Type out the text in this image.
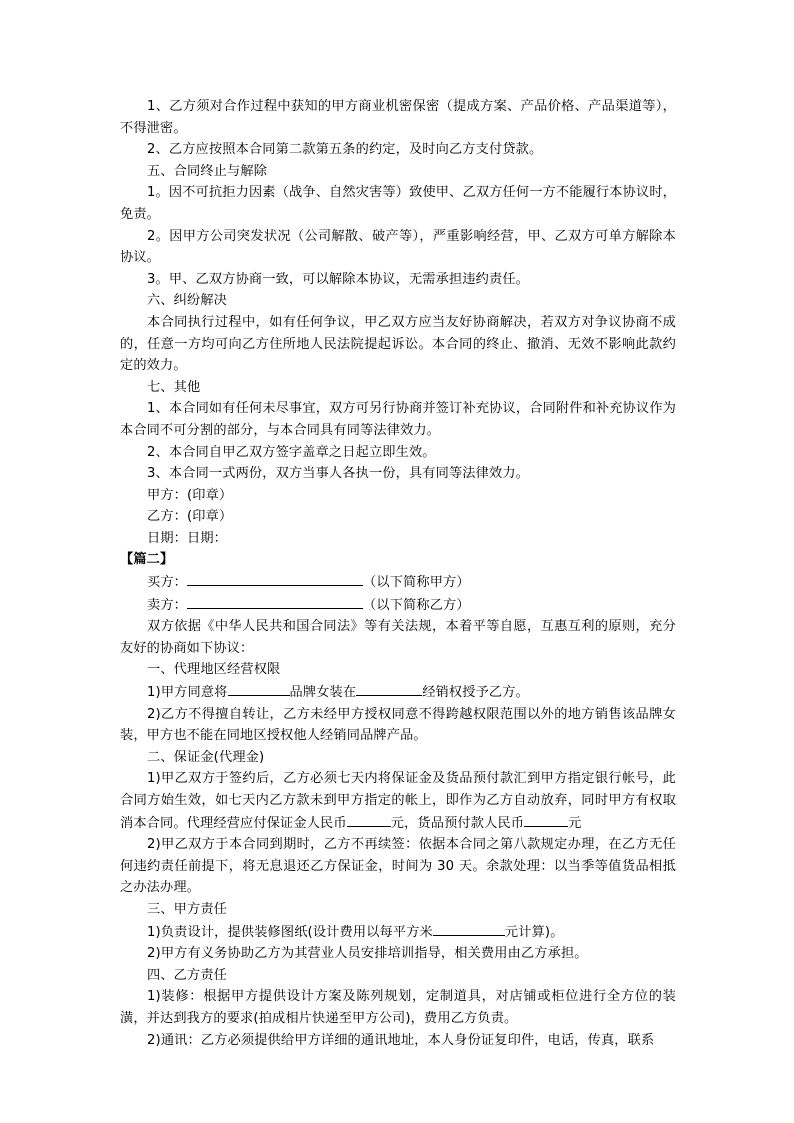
1、乙方须对合作过程中获知的甲方商业机密保密（提成方案、产品价格、产品渠道等），不得泄密。

2、乙方应按照本合同第二款第五条的约定，及时向乙方支付贷款。

五、合同终止与解除

1。因不可抗拒力因素（战争、自然灾害等）致使甲、乙双方任何一方不能履行本协议时，免责。

2。因甲方公司突发状况（公司解散、破产等），严重影响经营，甲、乙双方可单方解除本协议。

3。甲、乙双方协商一致，可以解除本协议，无需承担违约责任。

六、纠纷解决

本合同执行过程中，如有任何争议，甲乙双方应当友好协商解决，若双方对争议协商不成的，任意一方均可向乙方住所地人民法院提起诉讼。本合同的终止、撤消、无效不影响此款约定的效力。

七、其他

1、本合同如有任何未尽事宜，双方可另行协商并签订补充协议，合同附件和补充协议作为本合同不可分割的部分，与本合同具有同等法律效力。

2、本合同自甲乙双方签字盖章之日起立即生效。

3、本合同一式两份，双方当事人各执一份，具有同等法律效力。

甲方：(印章）

乙方：(印章）

日期：日期：

【篇二】

买方：	（以下简称甲方）

卖方：	（以下简称乙方）

双方依据《中华人民共和国合同法》等有关法规，本着平等自愿，互惠互利的原则，充分友好的协商如下协议：

一、代理地区经营权限

1)甲方同意将	品牌女装在	经销权授予乙方。

2)乙方不得擅自转让，乙方未经甲方授权同意不得跨越权限范围以外的地方销售该品牌女装，甲方也不能在同地区授权他人经销同品牌产品。

二、保证金(代理金)

1)甲乙双方于签约后，乙方必须七天内将保证金及货品预付款汇到甲方指定银行帐号，此合同方始生效，如七天内乙方款未到甲方指定的帐上，即作为乙方自动放弃，同时甲方有权取消本合同。代理经营应付保证金人民币	元，货品预付款人民币	元

2)甲乙双方于本合同到期时，乙方不再续签：依据本合同之第八款规定办理，在乙方无任何违约责任前提下，将无息退还乙方保证金，时间为 30 天。余款处理：以当季等值货品相抵之办法办理。

三、甲方责任

1)负责设计，提供装修图纸(设计费用以每平方米	元计算)。

2)甲方有义务协助乙方为其营业人员安排培训指导，相关费用由乙方承担。

四、乙方责任

1)装修：根据甲方提供设计方案及陈列规划，定制道具，对店铺或柜位进行全方位的装潢，并达到我方的要求(拍成相片快递至甲方公司)，费用乙方负责。

2)通讯：乙方必须提供给甲方详细的通讯地址，本人身份证复印件，电话，传真，联系
